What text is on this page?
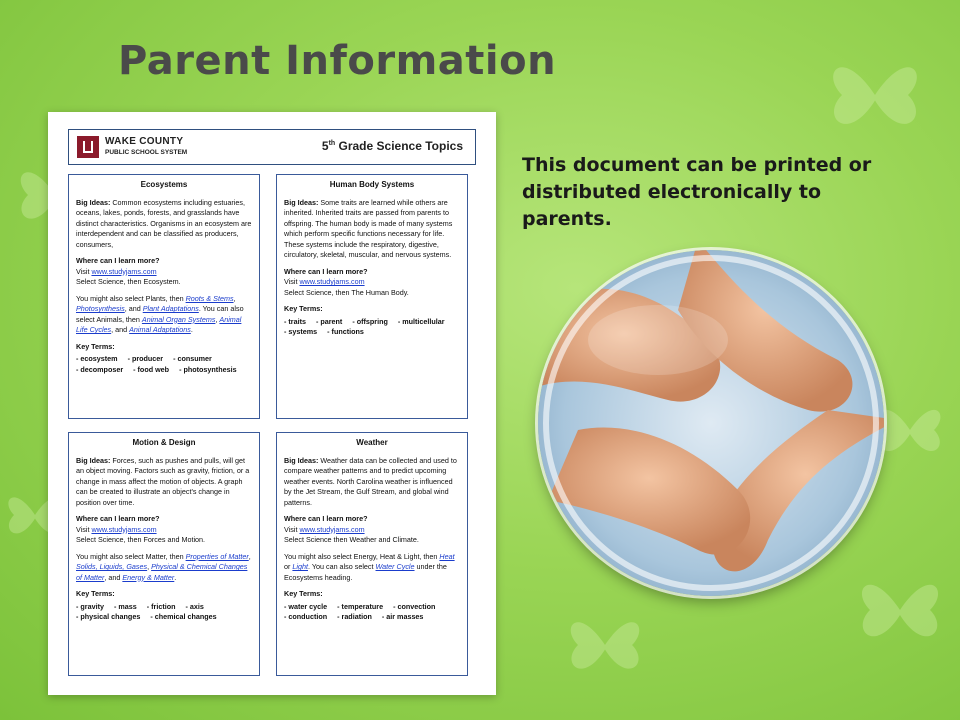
Parent Information
WAKE COUNTY
PUBLIC SCHOOL SYSTEM	5th Grade Science Topics
Ecosystems

Big Ideas: Common ecosystems including estuaries, oceans, lakes, ponds, forests, and grasslands have distinct characteristics. Organisms in an ecosystem are interdependent and can be classified as producers, consumers,

Where can I learn more?
Visit www.studyjams.com
Select Science, then Ecosystem.

You might also select Plants, then Roots & Stems, Photosynthesis, and Plant Adaptations. You can also select Animals, then Animal Organ Systems, Animal Life Cycles, and Animal Adaptations.

Key Terms:

- ecosystem - producer - consumer
- decomposer - food web - photosynthesis
Human Body Systems

Big Ideas: Some traits are learned while others are inherited. Inherited traits are passed from parents to offspring. The human body is made of many systems which perform specific functions necessary for life. These systems include the respiratory, digestive, circulatory, skeletal, muscular, and nervous systems.

Where can I learn more?
Visit www.studyjams.com
Select Science, then The Human Body.

Key Terms:

- traits - parent - offspring - multicellular
- systems - functions
Motion & Design

Big Ideas: Forces, such as pushes and pulls, will get an object moving. Factors such as gravity, friction, or a change in mass affect the motion of objects. A graph can be created to illustrate an object's change in position over time.

Where can I learn more?
Visit www.studyjams.com
Select Science, then Forces and Motion.

You might also select Matter, then Properties of Matter, Solids, Liquids, Gases, Physical & Chemical Changes of Matter, and Energy & Matter.

Key Terms:

- gravity - mass - friction - axis
- physical changes - chemical changes
Weather

Big Ideas: Weather data can be collected and used to compare weather patterns and to predict upcoming weather events. North Carolina weather is influenced by the Jet Stream, the Gulf Stream, and global wind patterns.

Where can I learn more?
Visit www.studyjams.com
Select Science then Weather and Climate.

You might also select Energy, Heat & Light, then Heat or Light. You can also select Water Cycle under the Ecosystems heading.

Key Terms:

- water cycle - temperature - convection
- conduction - radiation - air masses

This document can be printed or distributed electronically to parents.
